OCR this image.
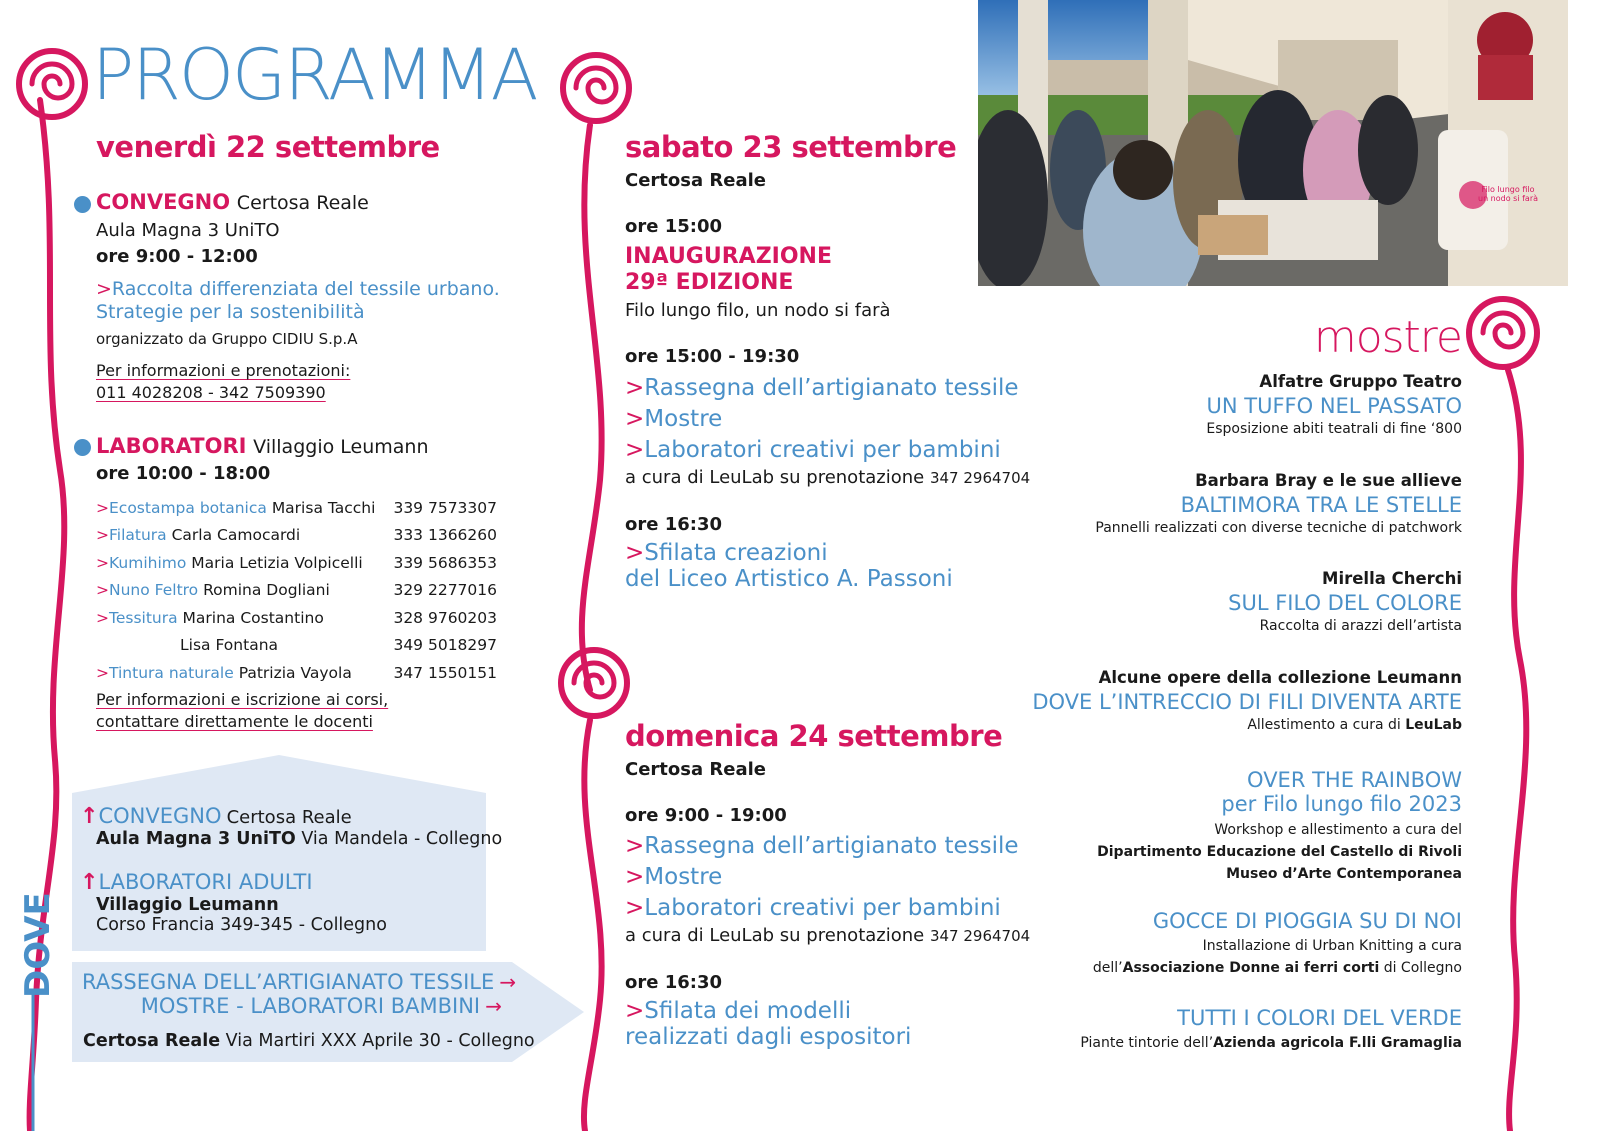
PROGRAMMA
venerdì 22 settembre
CONVEGNO Certosa Reale
Aula Magna 3 UniTO
ore 9:00 - 12:00
>Raccolta differenziata del tessile urbano.
Strategie per la sostenibilità
organizzato da Gruppo CIDIU S.p.A
Per informazioni e prenotazioni:
011 4028208 - 342 7509390
LABORATORI Villaggio Leumann
ore 10:00 - 18:00
>Ecostampa botanica Marisa Tacchi	339 7573307
>Filatura Carla Camocardi	333 1366260
>Kumihimo Maria Letizia Volpicelli	339 5686353
>Nuno Feltro Romina Dogliani	329 2277016
>Tessitura Marina Costantino	328 9760203
Lisa Fontana	349 5018297
>Tintura naturale Patrizia Vayola	347 1550151
Per informazioni e iscrizione ai corsi,
contattare direttamente le docenti
DOVE
↑CONVEGNO Certosa Reale
Aula Magna 3 UniTO Via Mandela - Collegno
↑LABORATORI ADULTI
Villaggio Leumann
Corso Francia 349-345 - Collegno
RASSEGNA DELL’ARTIGIANATO TESSILE →
MOSTRE - LABORATORI BAMBINI →
Certosa Reale Via Martiri XXX Aprile 30 - Collegno
sabato 23 settembre
Certosa Reale
ore 15:00
INAUGURAZIONE
29ª EDIZIONE
Filo lungo filo, un nodo si farà
ore 15:00 - 19:30
>Rassegna dell’artigianato tessile
>Mostre
>Laboratori creativi per bambini
a cura di LeuLab su prenotazione 347 2964704
ore 16:30
>Sfilata creazioni
del Liceo Artistico A. Passoni
domenica 24 settembre
Certosa Reale
ore 9:00 - 19:00
>Rassegna dell’artigianato tessile
>Mostre
>Laboratori creativi per bambini
a cura di LeuLab su prenotazione 347 2964704
ore 16:30
>Sfilata dei modelli
realizzati dagli espositori
Filo lungo filo un nodo si farà
mostre
Alfatre Gruppo Teatro
UN TUFFO NEL PASSATO
Esposizione abiti teatrali di fine ‘800
Barbara Bray e le sue allieve
BALTIMORA TRA LE STELLE
Pannelli realizzati con diverse tecniche di patchwork
Mirella Cherchi
SUL FILO DEL COLORE
Raccolta di arazzi dell’artista
Alcune opere della collezione Leumann
DOVE L’INTRECCIO DI FILI DIVENTA ARTE
Allestimento a cura di LeuLab
OVER THE RAINBOW
per Filo lungo filo 2023
Workshop e allestimento a cura del
Dipartimento Educazione del Castello di Rivoli
Museo d’Arte Contemporanea
GOCCE DI PIOGGIA SU DI NOI
Installazione di Urban Knitting a cura
dell’Associazione Donne ai ferri corti di Collegno
TUTTI I COLORI DEL VERDE
Piante tintorie dell’Azienda agricola F.lli Gramaglia
